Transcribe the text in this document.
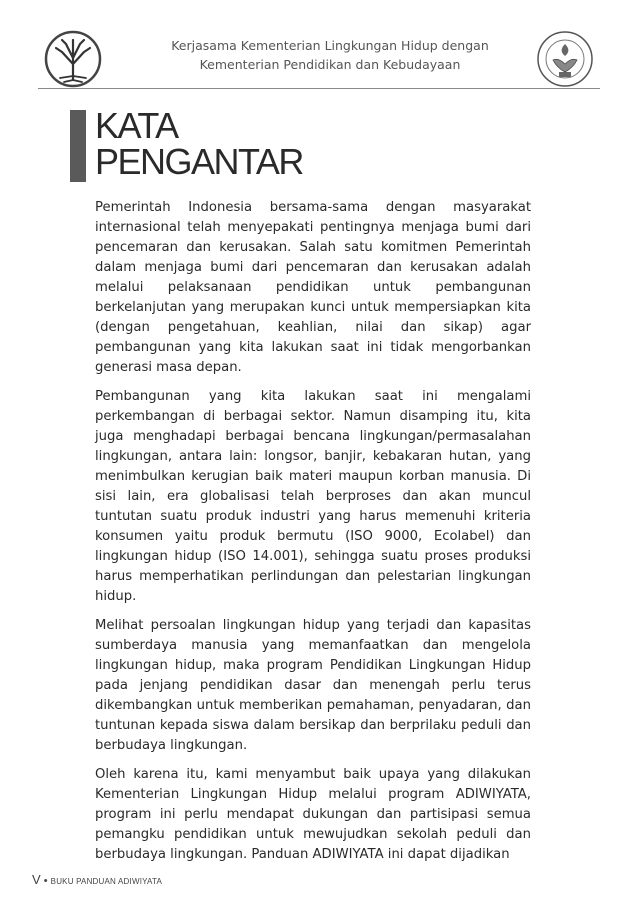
Kerjasama Kementerian Lingkungan Hidup dengan
Kementerian Pendidikan dan Kebudayaan
KATA
PENGANTAR

Pemerintah Indonesia bersama-sama dengan masyarakat internasional telah menyepakati pentingnya menjaga bumi dari pencemaran dan kerusakan. Salah satu komitmen Pemerintah dalam menjaga bumi dari pencemaran dan kerusakan adalah melalui pelaksanaan pendidikan untuk pembangunan berkelanjutan yang merupakan kunci untuk mempersiapkan kita (dengan pengetahuan, keahlian, nilai dan sikap) agar pembangunan yang kita lakukan saat ini tidak mengorbankan generasi masa depan.

Pembangunan yang kita lakukan saat ini mengalami perkembangan di berbagai sektor. Namun disamping itu, kita juga menghadapi berbagai bencana lingkungan/permasalahan lingkungan, antara lain: longsor, banjir, kebakaran hutan, yang menimbulkan kerugian baik materi maupun korban manusia. Di sisi lain, era globalisasi telah berproses dan akan muncul tuntutan suatu produk industri yang harus memenuhi kriteria konsumen yaitu produk bermutu (ISO 9000, Ecolabel) dan lingkungan hidup (ISO 14.001), sehingga suatu proses produksi harus memperhatikan perlindungan dan pelestarian lingkungan hidup.

Melihat persoalan lingkungan hidup yang terjadi dan kapasitas sumberdaya manusia yang memanfaatkan dan mengelola lingkungan hidup, maka program Pendidikan Lingkungan Hidup pada jenjang pendidikan dasar dan menengah perlu terus dikembangkan untuk memberikan pemahaman, penyadaran, dan tuntunan kepada siswa dalam bersikap dan berprilaku peduli dan berbudaya lingkungan.

Oleh karena itu, kami menyambut baik upaya yang dilakukan Kementerian Lingkungan Hidup melalui program ADIWIYATA, program ini perlu mendapat dukungan dan partisipasi semua pemangku pendidikan untuk mewujudkan sekolah peduli dan berbudaya lingkungan. Panduan ADIWIYATA ini dapat dijadikan

V • BUKU PANDUAN ADIWIYATA
